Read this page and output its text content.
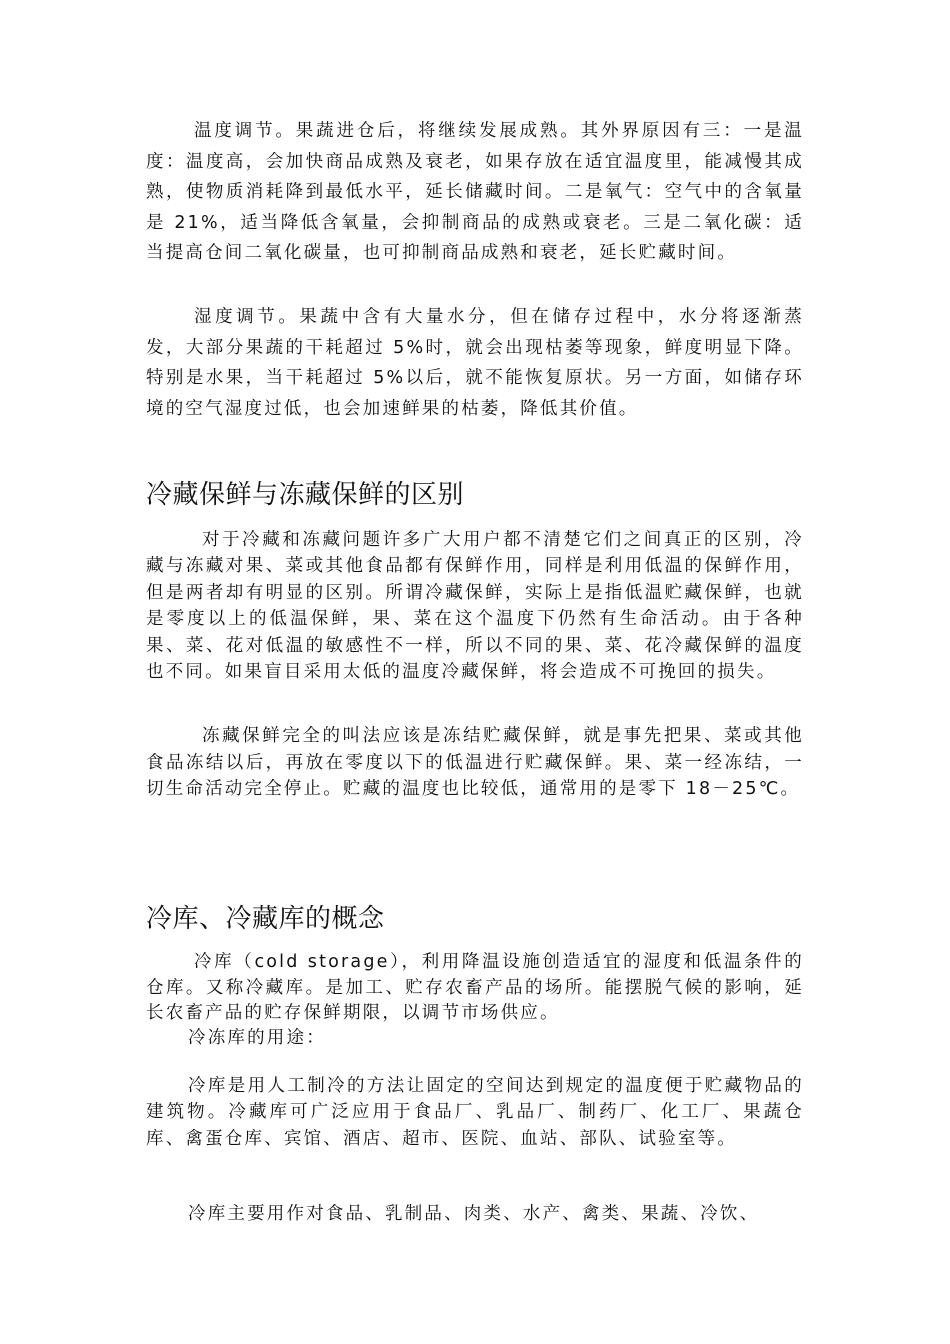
温度调节。果蔬进仓后，将继续发展成熟。其外界原因有三：一是温度：温度高，会加快商品成熟及衰老，如果存放在适宜温度里，能减慢其成熟，使物质消耗降到最低水平，延长储藏时间。二是氧气：空气中的含氧量是 21%，适当降低含氧量，会抑制商品的成熟或衰老。三是二氧化碳：适当提高仓间二氧化碳量，也可抑制商品成熟和衰老，延长贮藏时间。

湿度调节。果蔬中含有大量水分，但在储存过程中，水分将逐渐蒸发，大部分果蔬的干耗超过 5%时，就会出现枯萎等现象，鲜度明显下降。特别是水果，当干耗超过 5%以后，就不能恢复原状。另一方面，如储存环境的空气湿度过低，也会加速鲜果的枯萎，降低其价值。

冷藏保鲜与冻藏保鲜的区别

对于冷藏和冻藏问题许多广大用户都不清楚它们之间真正的区别，冷藏与冻藏对果、菜或其他食品都有保鲜作用，同样是利用低温的保鲜作用，但是两者却有明显的区别。所谓冷藏保鲜，实际上是指低温贮藏保鲜，也就是零度以上的低温保鲜，果、菜在这个温度下仍然有生命活动。由于各种果、菜、花对低温的敏感性不一样，所以不同的果、菜、花冷藏保鲜的温度也不同。如果盲目采用太低的温度冷藏保鲜，将会造成不可挽回的损失。

冻藏保鲜完全的叫法应该是冻结贮藏保鲜，就是事先把果、菜或其他食品冻结以后，再放在零度以下的低温进行贮藏保鲜。果、菜一经冻结，一切生命活动完全停止。贮藏的温度也比较低，通常用的是零下 18－25℃。

冷库、冷藏库的概念

冷库（cold storage），利用降温设施创造适宜的湿度和低温条件的仓库。又称冷藏库。是加工、贮存农畜产品的场所。能摆脱气候的影响，延长农畜产品的贮存保鲜期限，以调节市场供应。

冷冻库的用途：

冷库是用人工制冷的方法让固定的空间达到规定的温度便于贮藏物品的建筑物。冷藏库可广泛应用于食品厂、乳品厂、制药厂、化工厂、果蔬仓库、禽蛋仓库、宾馆、酒店、超市、医院、血站、部队、试验室等。

冷库主要用作对食品、乳制品、肉类、水产、禽类、果蔬、冷饮、
